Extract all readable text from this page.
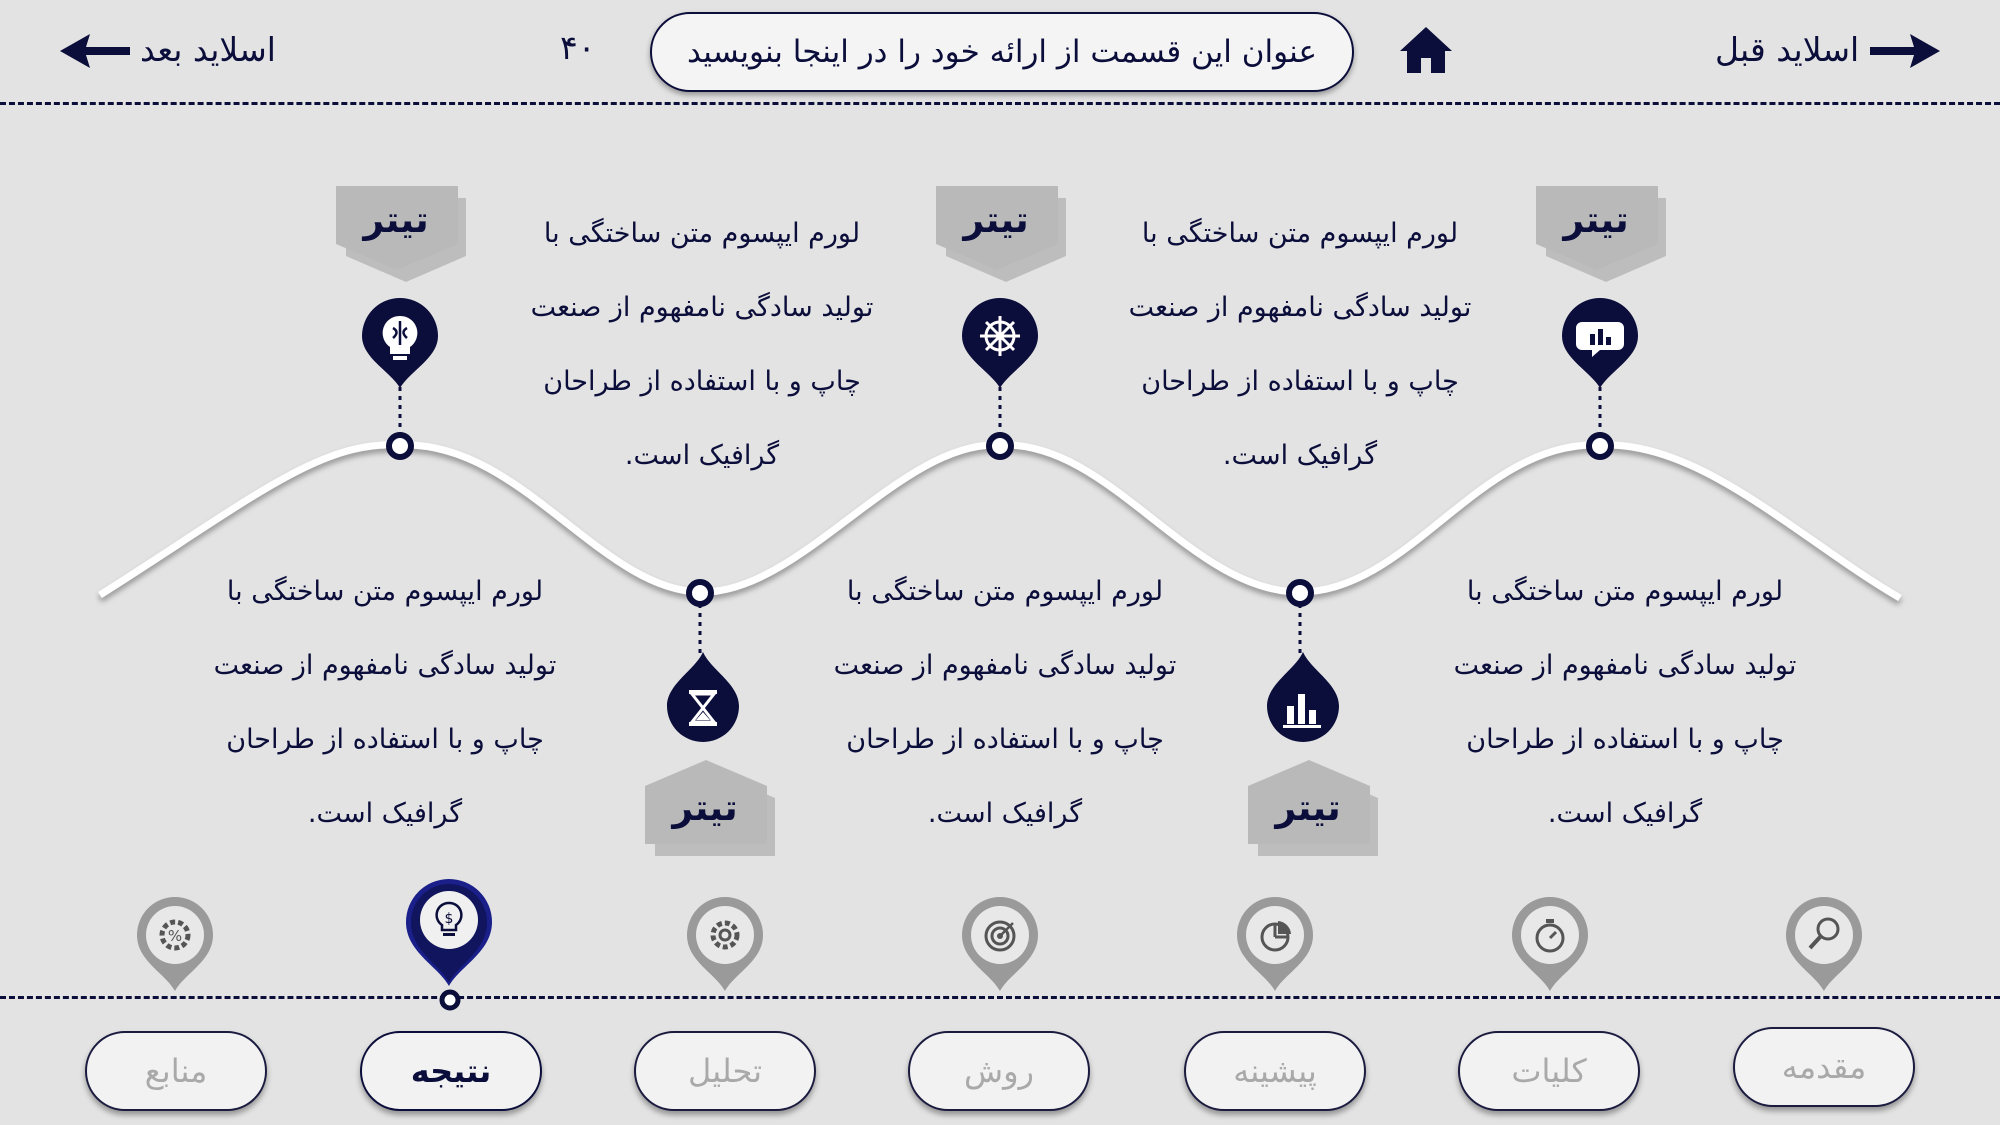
اسلاید قبل
عنوان این قسمت از ارائه خود را در اینجا بنویسید
۴۰
اسلاید بعد
تیتر
تیتر
تیتر	لورم ایپسوم متن ساختگی با
تولید سادگی نامفهوم از صنعت
چاپ و با استفاده از طراحان
گرافیک است.
لورم ایپسوم متن ساختگی با
تولید سادگی نامفهوم از صنعت
چاپ و با استفاده از طراحان
گرافیک است.
تیتر
تیتر
لورم ایپسوم متن ساختگی با
تولید سادگی نامفهوم از صنعت
چاپ و با استفاده از طراحان
گرافیک است.
لورم ایپسوم متن ساختگی با
تولید سادگی نامفهوم از صنعت
چاپ و با استفاده از طراحان
گرافیک است.
لورم ایپسوم متن ساختگی با
تولید سادگی نامفهوم از صنعت
چاپ و با استفاده از طراحان
گرافیک است.
$
%
مقدمه
کلیات
پیشینه
روش
تحلیل
نتیجه
منابع
